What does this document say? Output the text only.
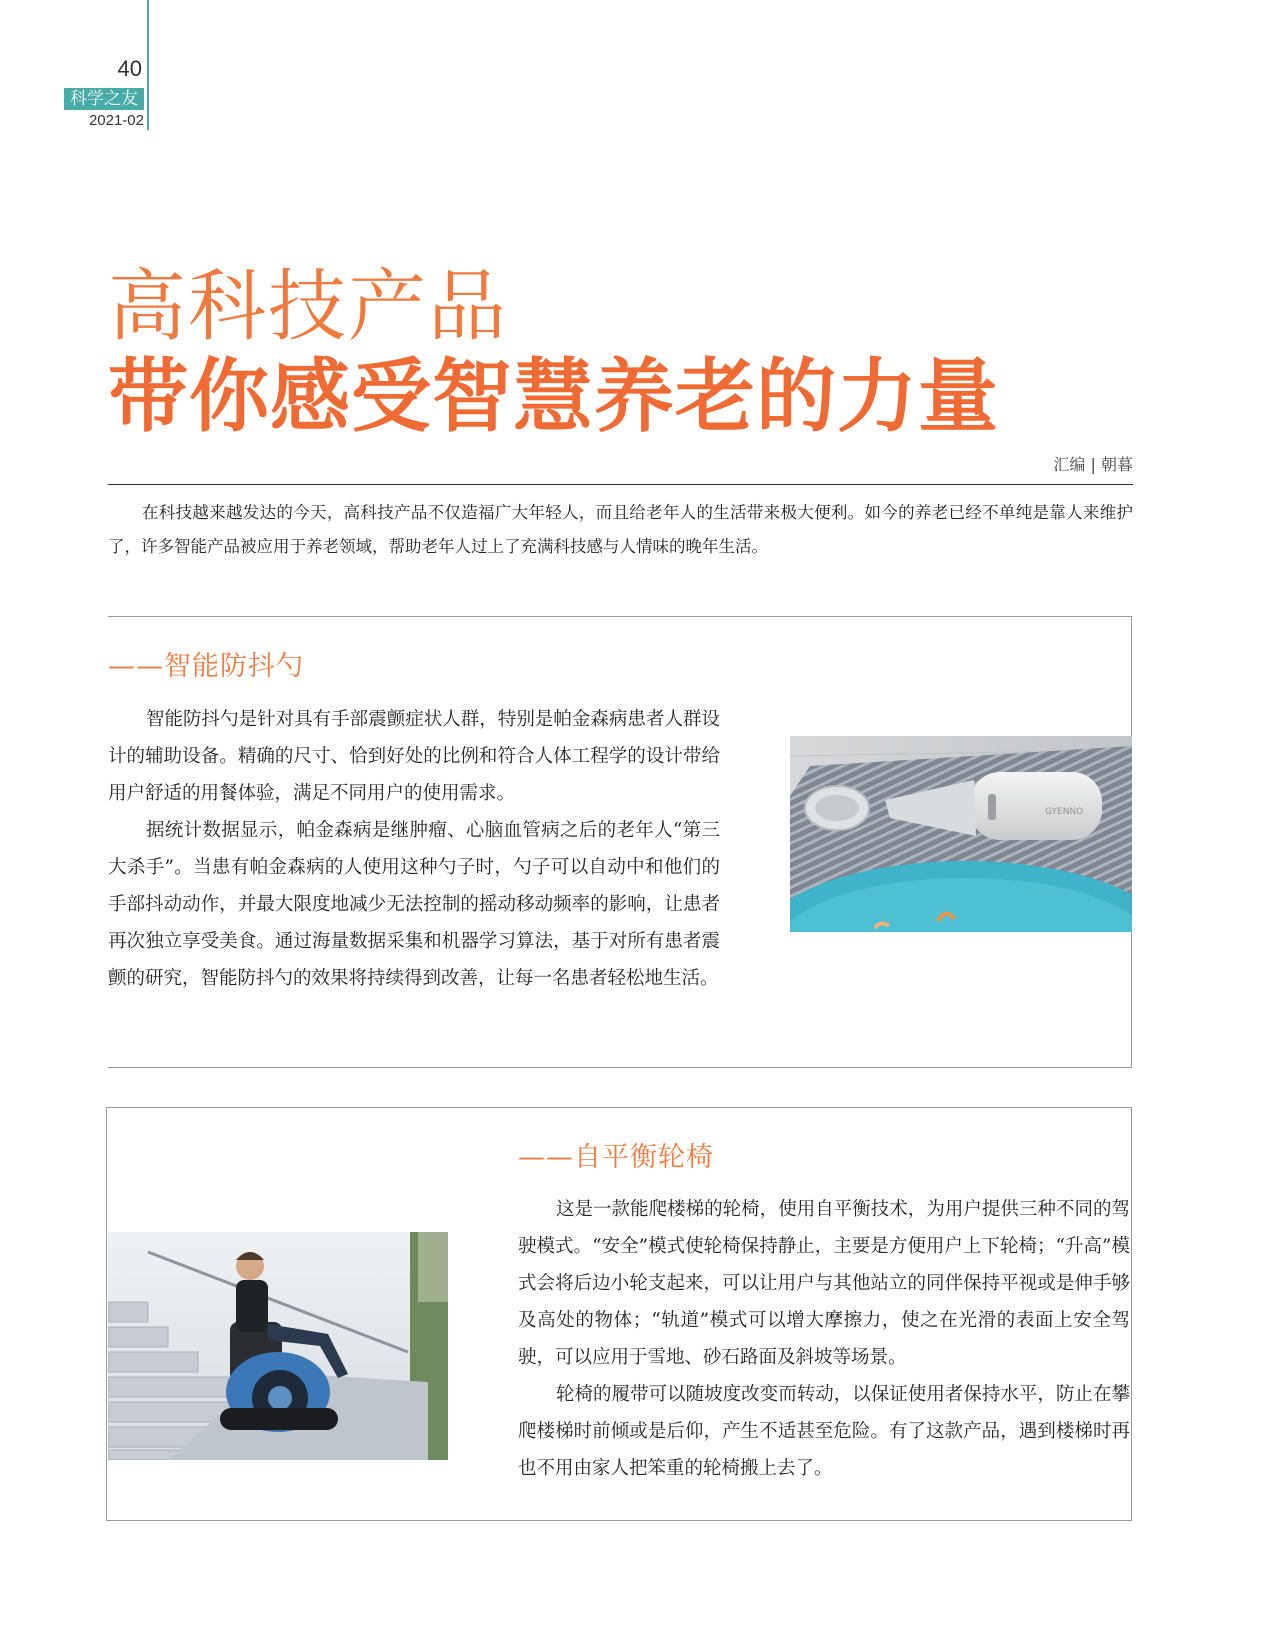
40
科学之友
2021-02
高科技产品
带你感受智慧养老的力量
汇编 | 朝暮
在科技越来越发达的今天，高科技产品不仅造福广大年轻人，而且给老年人的生活带来极大便利。如今的养老已经不单纯是靠人来维护了，许多智能产品被应用于养老领域，帮助老年人过上了充满科技感与人情味的晚年生活。
——智能防抖勺

智能防抖勺是针对具有手部震颤症状人群，特别是帕金森病患者人群设计的辅助设备。精确的尺寸、恰到好处的比例和符合人体工程学的设计带给用户舒适的用餐体验，满足不同用户的使用需求。

据统计数据显示，帕金森病是继肿瘤、心脑血管病之后的老年人“第三大杀手”。当患有帕金森病的人使用这种勺子时，勺子可以自动中和他们的手部抖动动作，并最大限度地减少无法控制的摇动移动频率的影响，让患者再次独立享受美食。通过海量数据采集和机器学习算法，基于对所有患者震颤的研究，智能防抖勺的效果将持续得到改善，让每一名患者轻松地生活。

GYENNO
——自平衡轮椅

这是一款能爬楼梯的轮椅，使用自平衡技术，为用户提供三种不同的驾驶模式。“安全”模式使轮椅保持静止，主要是方便用户上下轮椅；“升高”模式会将后边小轮支起来，可以让用户与其他站立的同伴保持平视或是伸手够及高处的物体；“轨道”模式可以增大摩擦力，使之在光滑的表面上安全驾驶，可以应用于雪地、砂石路面及斜坡等场景。

轮椅的履带可以随坡度改变而转动，以保证使用者保持水平，防止在攀爬楼梯时前倾或是后仰，产生不适甚至危险。有了这款产品，遇到楼梯时再也不用由家人把笨重的轮椅搬上去了。
